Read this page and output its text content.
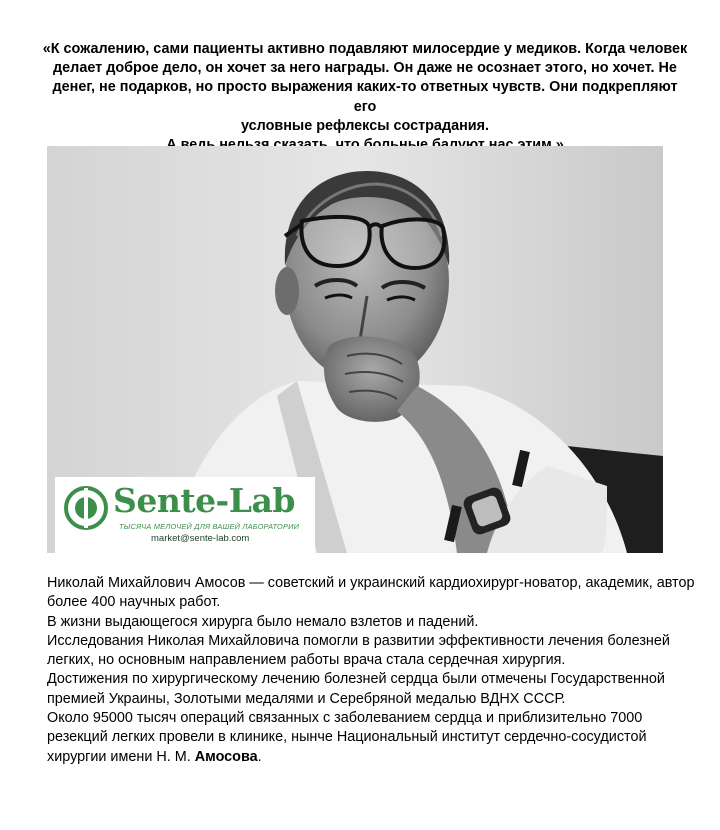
«К сожалению, сами пациенты активно подавляют милосердие у медиков. Когда человек
делает доброе дело, он хочет за него награды. Он даже не осознает этого, но хочет. Не
денег, не подарков, но просто выражения каких-то ответных чувств. Они подкрепляют его
условные рефлексы сострадания.

Sente-Lab
ТЫСЯЧА МЕЛОЧЕЙ ДЛЯ ВАШЕЙ ЛАБОРАТОРИИ
market@sente-lab.com

Николай Михайлович Амосов — советский и украинский кардиохирург-новатор, академик, автор более 400 научных работ.

В жизни выдающегося хирурга было немало взлетов и падений.

Исследования Николая Михайловича помогли в развитии эффективности лечения болезней легких, но основным направлением работы врача стала сердечная хирургия.

Достижения по хирургическому лечению болезней сердца были отмечены Государственной премией Украины, Золотыми медалями и Серебряной медалью ВДНХ СССР.

Около 95000 тысяч операций связанных с заболеванием сердца и приблизительно 7000 резекций легких провели в клинике, нынче Национальный институт сердечно-сосудистой хирургии имени Н. М. Амосова.
